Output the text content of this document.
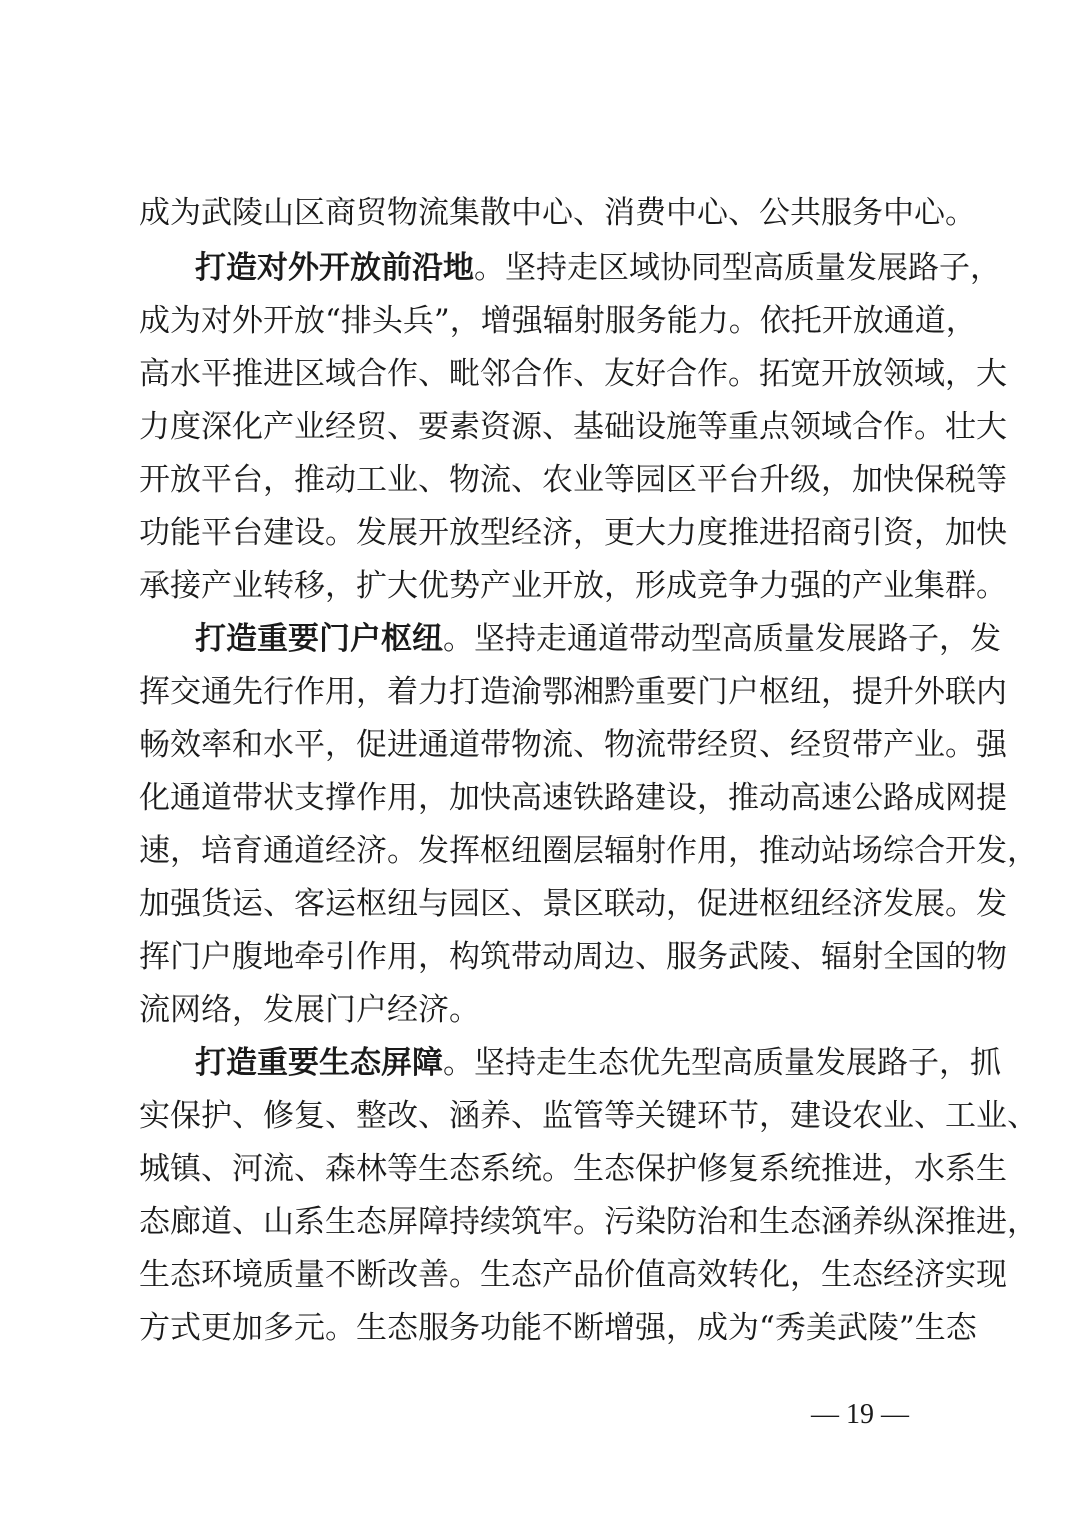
成为武陵山区商贸物流集散中心、消费中心、公共服务中心。
打造对外开放前沿地。坚持走区域协同型高质量发展路子，
成为对外开放“排头兵”，增强辐射服务能力。依托开放通道，
高水平推进区域合作、毗邻合作、友好合作。拓宽开放领域，大
力度深化产业经贸、要素资源、基础设施等重点领域合作。壮大
开放平台，推动工业、物流、农业等园区平台升级，加快保税等
功能平台建设。发展开放型经济，更大力度推进招商引资，加快
承接产业转移，扩大优势产业开放，形成竞争力强的产业集群。
打造重要门户枢纽。坚持走通道带动型高质量发展路子，发
挥交通先行作用，着力打造渝鄂湘黔重要门户枢纽，提升外联内
畅效率和水平，促进通道带物流、物流带经贸、经贸带产业。强
化通道带状支撑作用，加快高速铁路建设，推动高速公路成网提
速，培育通道经济。发挥枢纽圈层辐射作用，推动站场综合开发，
加强货运、客运枢纽与园区、景区联动，促进枢纽经济发展。发
挥门户腹地牵引作用，构筑带动周边、服务武陵、辐射全国的物
流网络，发展门户经济。
打造重要生态屏障。坚持走生态优先型高质量发展路子，抓
实保护、修复、整改、涵养、监管等关键环节，建设农业、工业、
城镇、河流、森林等生态系统。生态保护修复系统推进，水系生
态廊道、山系生态屏障持续筑牢。污染防治和生态涵养纵深推进，
生态环境质量不断改善。生态产品价值高效转化，生态经济实现
方式更加多元。生态服务功能不断增强，成为“秀美武陵”生态
— 19 —
